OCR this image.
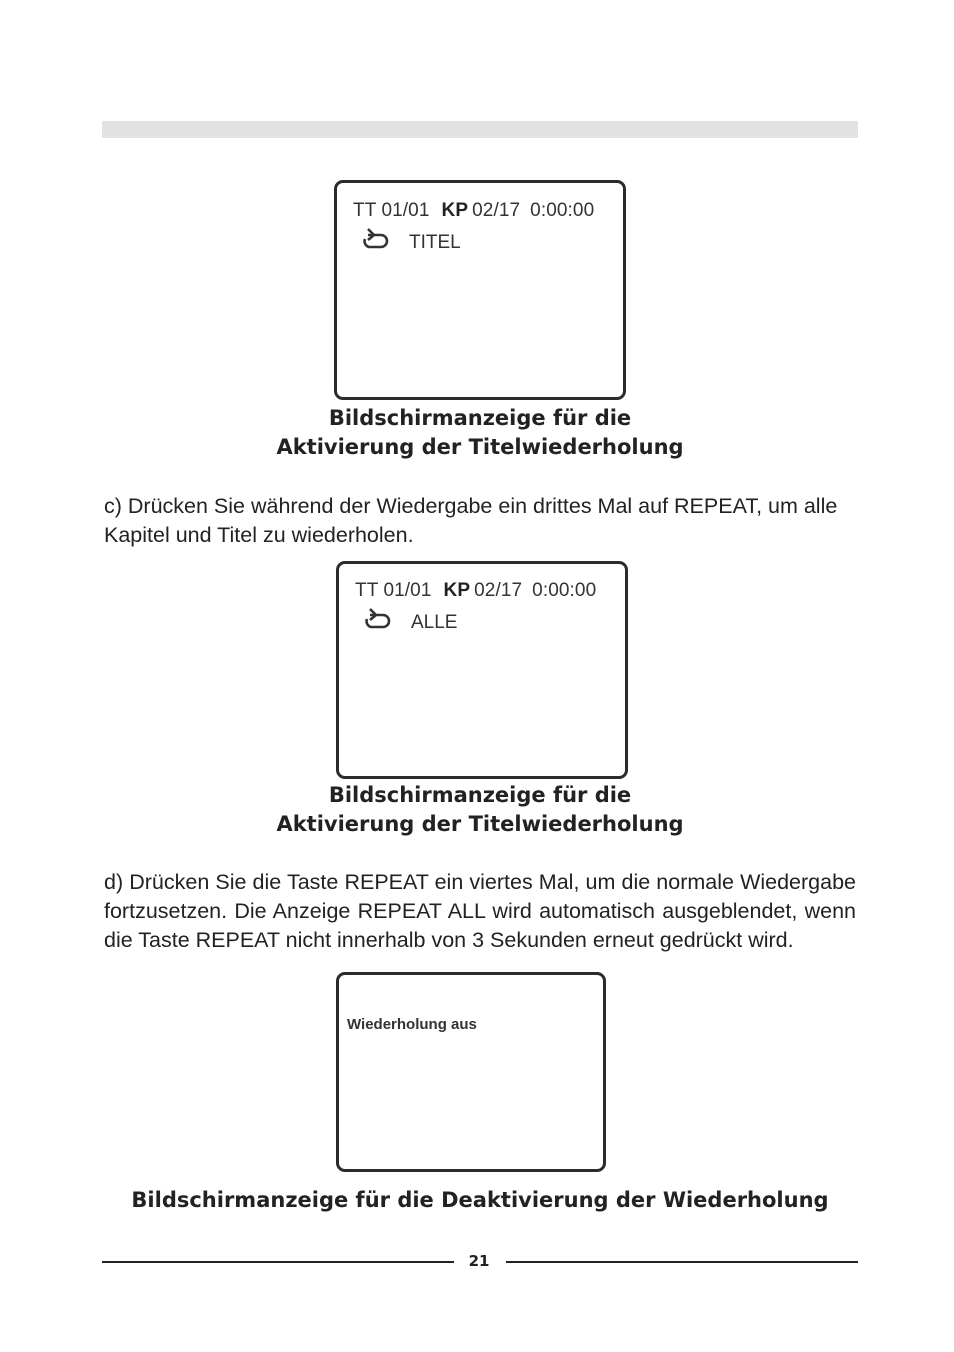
TT 01/01 KP 02/17 0:00:00
TITEL
Bildschirmanzeige für die
Aktivierung der Titelwiederholung
c) Drücken Sie während der Wiedergabe ein drittes Mal auf REPEAT, um alle Kapitel und Titel zu wiederholen.
TT 01/01 KP 02/17 0:00:00
ALLE
Bildschirmanzeige für die
Aktivierung der Titelwiederholung
d) Drücken Sie die Taste REPEAT ein viertes Mal, um die normale Wiedergabe fortzusetzen. Die Anzeige REPEAT ALL wird automatisch ausgeblendet, wenn die Taste REPEAT nicht innerhalb von 3 Sekunden erneut gedrückt wird.
Wiederholung aus
Bildschirmanzeige für die Deaktivierung der Wiederholung
21
